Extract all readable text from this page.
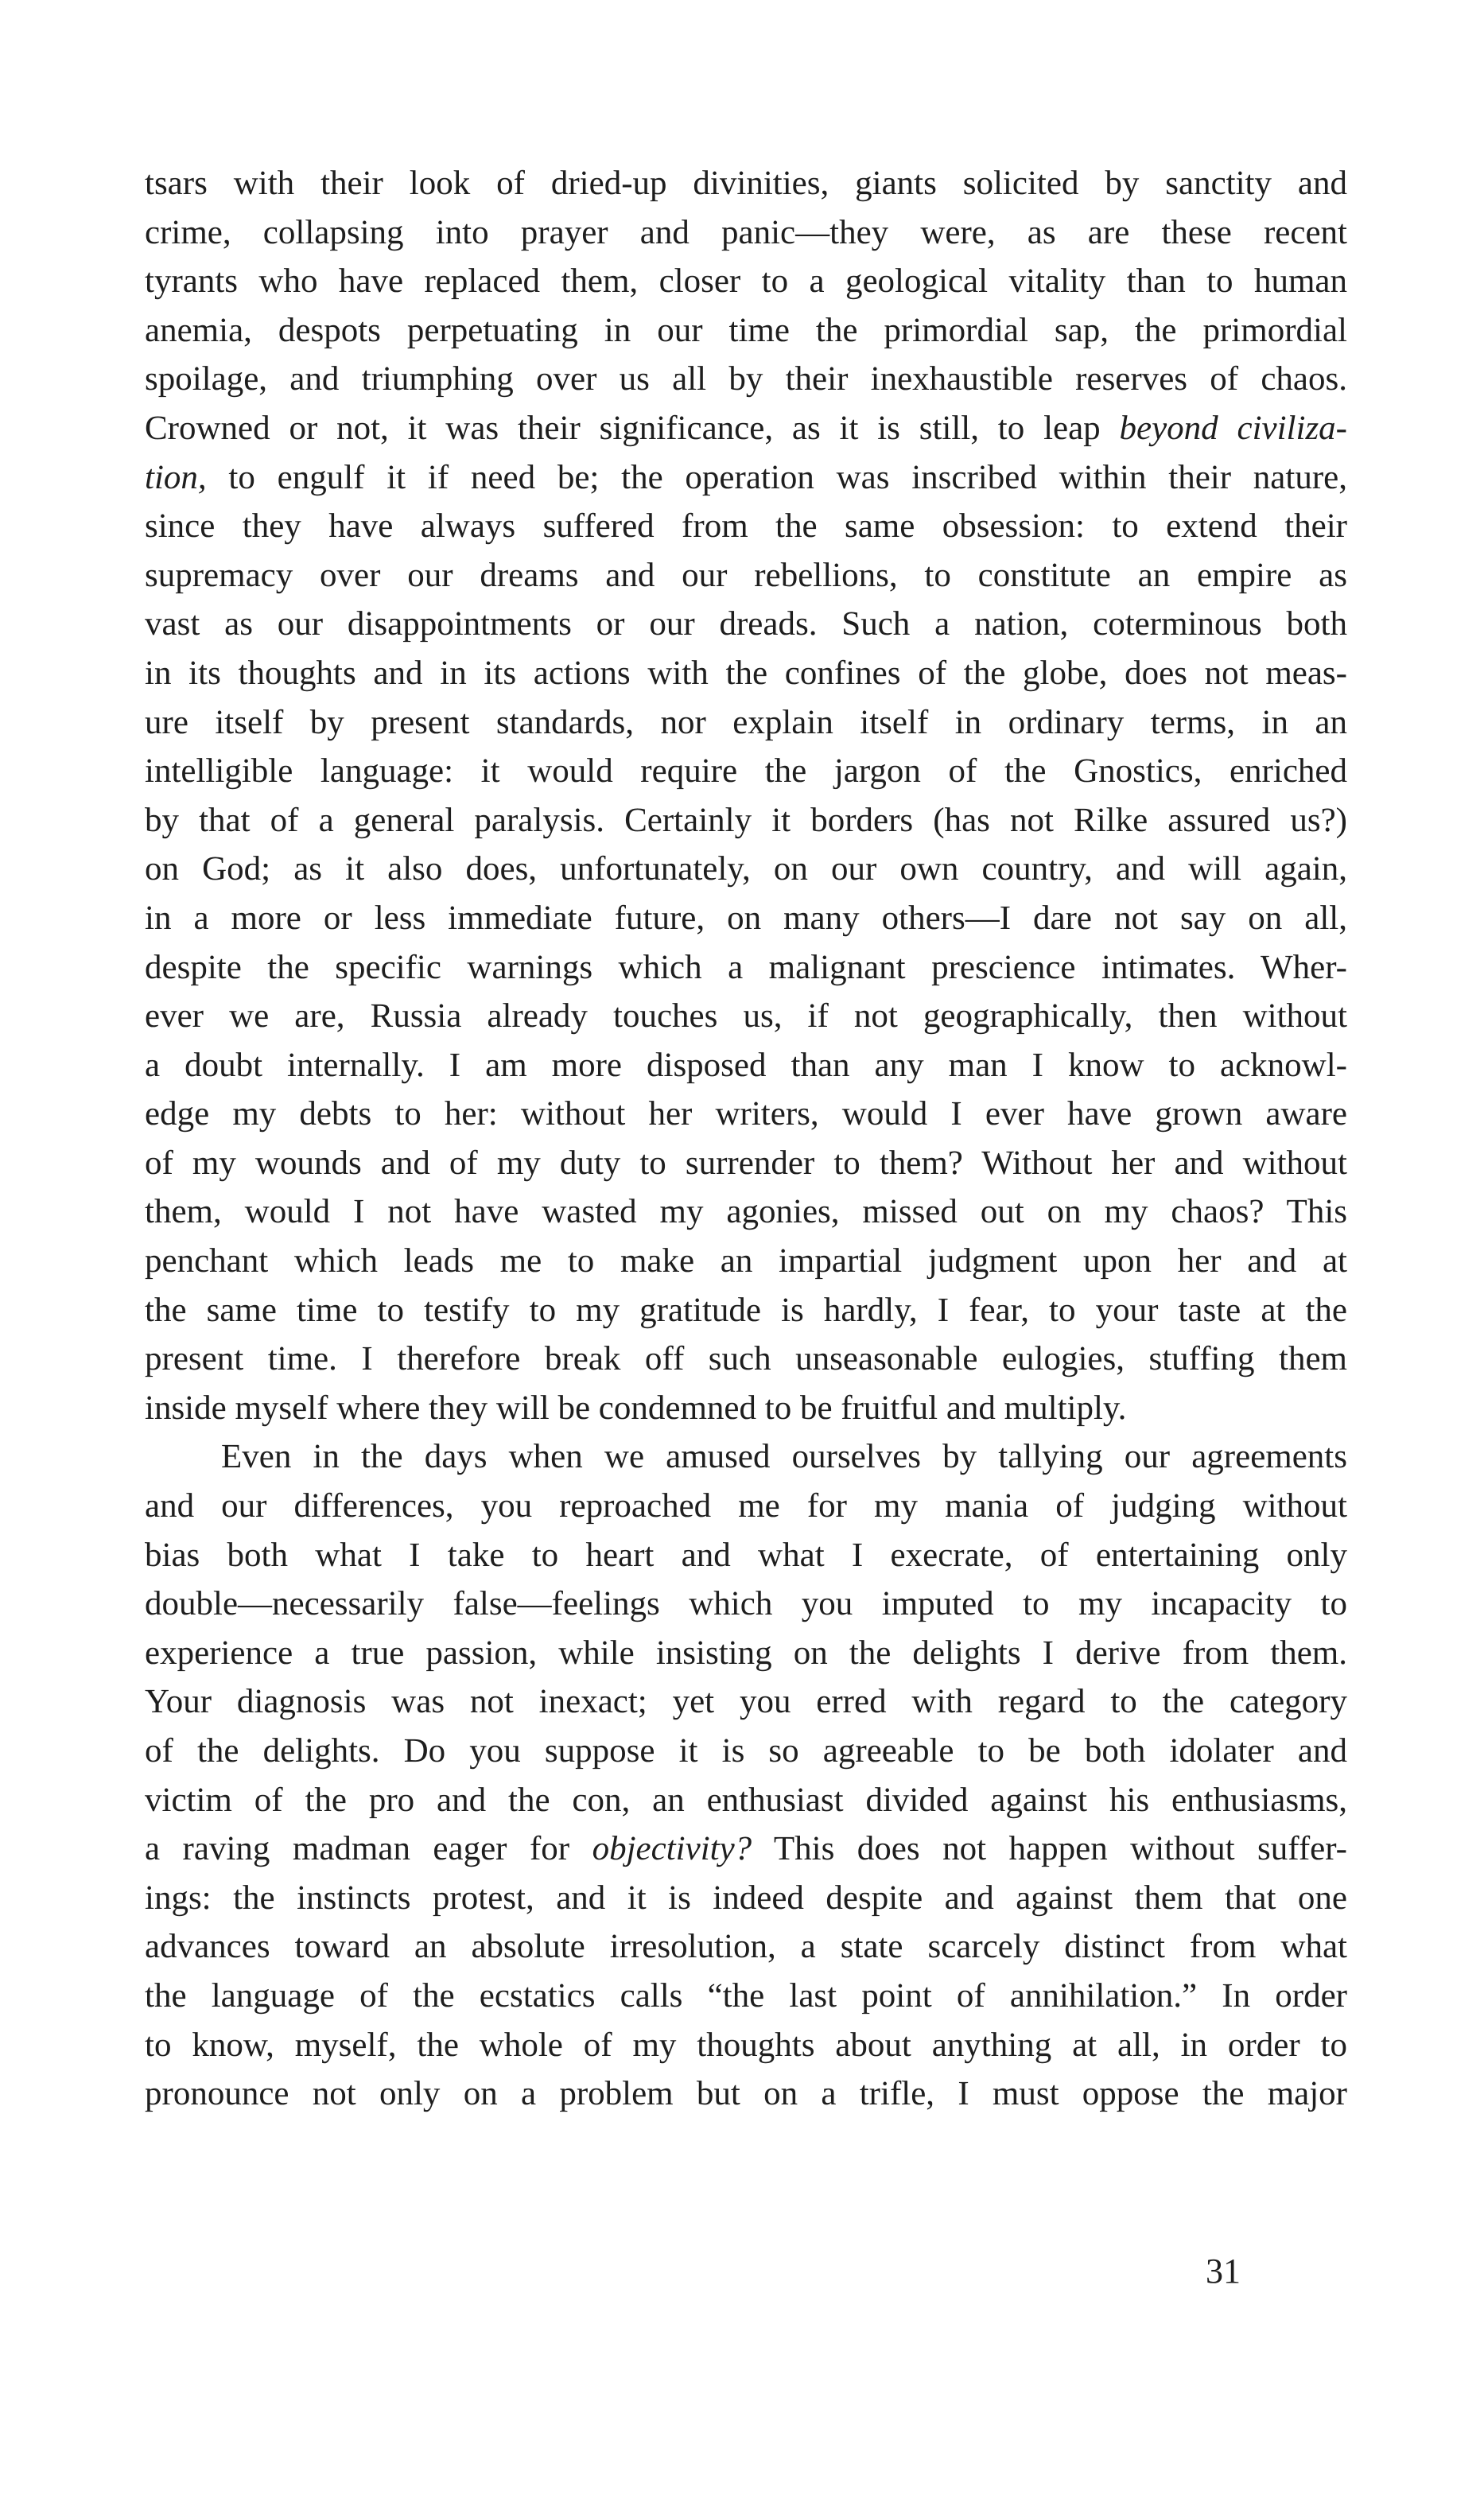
tsars with their look of dried-up divinities, giants solicited by sanctity and
crime, collapsing into prayer and panic—they were, as are these recent
tyrants who have replaced them, closer to a geological vitality than to human
anemia, despots perpetuating in our time the primordial sap, the primordial
spoilage, and triumphing over us all by their inexhaustible reserves of chaos.
Crowned or not, it was their significance, as it is still, to leap beyond civiliza-
tion, to engulf it if need be; the operation was inscribed within their nature,
since they have always suffered from the same obsession: to extend their
supremacy over our dreams and our rebellions, to constitute an empire as
vast as our disappointments or our dreads. Such a nation, coterminous both
in its thoughts and in its actions with the confines of the globe, does not meas-
ure itself by present standards, nor explain itself in ordinary terms, in an
intelligible language: it would require the jargon of the Gnostics, enriched
by that of a general paralysis. Certainly it borders (has not Rilke assured us?)
on God; as it also does, unfortunately, on our own country, and will again,
in a more or less immediate future, on many others—I dare not say on all,
despite the specific warnings which a malignant prescience intimates. Wher-
ever we are, Russia already touches us, if not geographically, then without
a doubt internally. I am more disposed than any man I know to acknowl-
edge my debts to her: without her writers, would I ever have grown aware
of my wounds and of my duty to surrender to them? Without her and without
them, would I not have wasted my agonies, missed out on my chaos? This
penchant which leads me to make an impartial judgment upon her and at
the same time to testify to my gratitude is hardly, I fear, to your taste at the
present time. I therefore break off such unseasonable eulogies, stuffing them
inside myself where they will be condemned to be fruitful and multiply.
Even in the days when we amused ourselves by tallying our agreements
and our differences, you reproached me for my mania of judging without
bias both what I take to heart and what I execrate, of entertaining only
double—necessarily false—feelings which you imputed to my incapacity to
experience a true passion, while insisting on the delights I derive from them.
Your diagnosis was not inexact; yet you erred with regard to the category
of the delights. Do you suppose it is so agreeable to be both idolater and
victim of the pro and the con, an enthusiast divided against his enthusiasms,
a raving madman eager for objectivity? This does not happen without suffer-
ings: the instincts protest, and it is indeed despite and against them that one
advances toward an absolute irresolution, a state scarcely distinct from what
the language of the ecstatics calls “the last point of annihilation.” In order
to know, myself, the whole of my thoughts about anything at all, in order to
pronounce not only on a problem but on a trifle, I must oppose the major
31
